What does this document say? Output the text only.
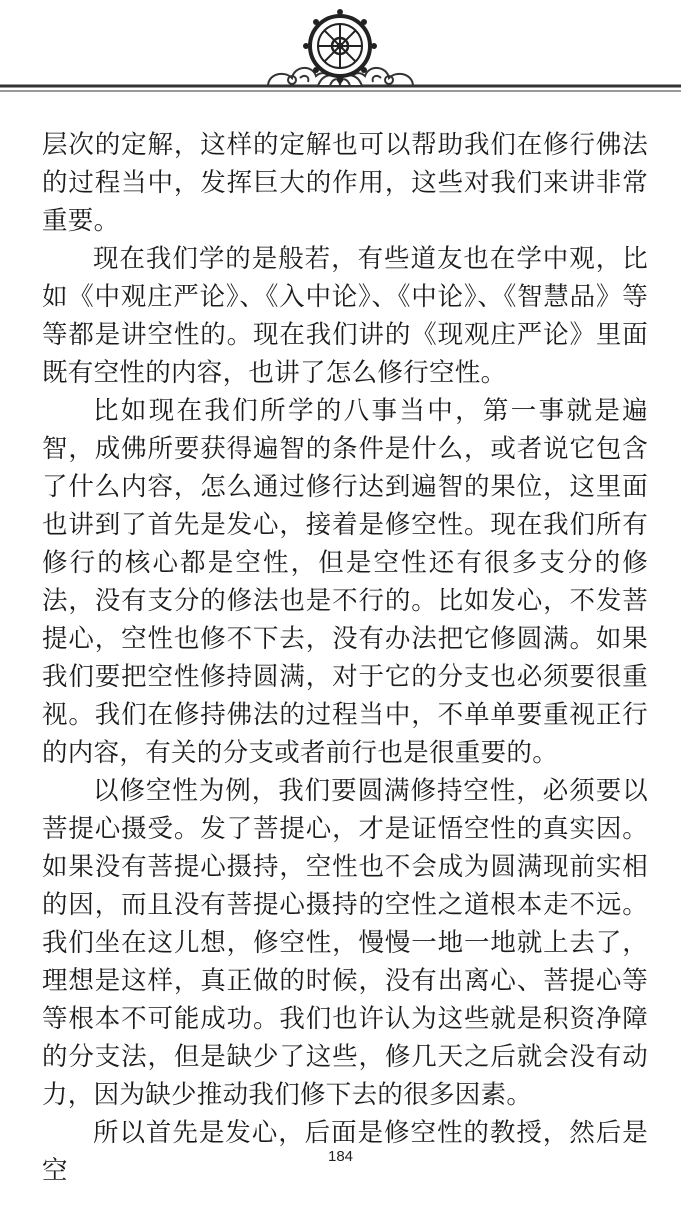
层次的定解，这样的定解也可以帮助我们在修行佛法的过程当中，发挥巨大的作用，这些对我们来讲非常重要。

现在我们学的是般若，有些道友也在学中观，比如《中观庄严论》、《入中论》、《中论》、《智慧品》等等都是讲空性的。现在我们讲的《现观庄严论》里面既有空性的内容，也讲了怎么修行空性。

比如现在我们所学的八事当中，第一事就是遍智，成佛所要获得遍智的条件是什么，或者说它包含了什么内容，怎么通过修行达到遍智的果位，这里面也讲到了首先是发心，接着是修空性。现在我们所有修行的核心都是空性，但是空性还有很多支分的修法，没有支分的修法也是不行的。比如发心，不发菩提心，空性也修不下去，没有办法把它修圆满。如果我们要把空性修持圆满，对于它的分支也必须要很重视。我们在修持佛法的过程当中，不单单要重视正行的内容，有关的分支或者前行也是很重要的。

以修空性为例，我们要圆满修持空性，必须要以菩提心摄受。发了菩提心，才是证悟空性的真实因。如果没有菩提心摄持，空性也不会成为圆满现前实相的因，而且没有菩提心摄持的空性之道根本走不远。我们坐在这儿想，修空性，慢慢一地一地就上去了，理想是这样，真正做的时候，没有出离心、菩提心等等根本不可能成功。我们也许认为这些就是积资净障的分支法，但是缺少了这些，修几天之后就会没有动力，因为缺少推动我们修下去的很多因素。

所以首先是发心，后面是修空性的教授，然后是空	184
